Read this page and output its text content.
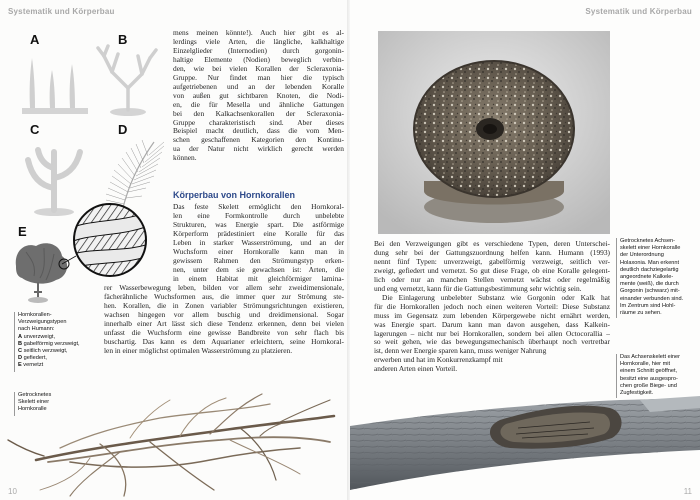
Systematik und Körperbau
A	B
C	D
E
Hornkorallen-
Verzweigungstypen
nach Humann:
A unverzweigt,
B gabelförmig verzweigt,
C seitlich verzweigt,
D gefiedert,
E vernetzt
mens meinen könnte!). Auch hier gibt es al-
lerdings viele Arten, die längliche, kalkhaltige
Einzelglieder (Internodien) durch gorgonin-
haltige Elemente (Nodien) beweglich verbin-
den, wie bei vielen Korallen der Scleraxonia-
Gruppe. Nur findet man hier die typisch
aufgetriebenen und an der lebenden Koralle
von außen gut sichtbaren Knoten, die Nodi-
en, die für Mesella und ähnliche Gattungen
bei den Kalkachsenkorallen der Scleraxonia-
Gruppe charakteristisch sind. Aber dieses
Beispiel macht deutlich, dass die vom Men-
schen geschaffenen Kategorien den Kontinu-
ua der Natur nicht wirklich gerecht werden
können.
Körperbau von Hornkorallen
Das feste Skelett ermöglicht den Hornkoral-
len eine Formkontrolle durch unbelebte
Strukturen, was Energie spart. Die astförmige
Körperform prädestiniert eine Koralle für das
Leben in starker Wasserströmung, und an der
Wuchsform einer Hornkoralle kann man in
gewissem Rahmen den Strömungstyp erken-
nen, unter dem sie gewachsen ist: Arten, die
in einem Habitat mit gleichförmiger lamina-
rer Wasserbewegung leben, bilden vor allem sehr zweidimensionale,
fächerähnliche Wuchsformen aus, die immer quer zur Strömung ste-
hen. Korallen, die in Zonen variabler Strömungsrichtungen existieren,
wachsen hingegen vor allem buschig und dreidimensional. Sogar
innerhalb einer Art lässt sich diese Tendenz erkennen, denn bei vielen
unfasst die Wuchsform eine gewisse Bandbreite von sehr flach bis
buschartig. Das kann es dem Aquarianer erleichtern, seine Hornkoral-
len in einer möglichst optimalen Wasserströmung zu platzieren.
Getrocknetes
Skelett einer
Hornkoralle
10
Systematik und Körperbau
Getrocknetes Achsen-
skelett einer Hornkoralle
der Unterordnung
Holaxonia. Man erkennt
deutlich dachziegelartig
angeordnete Kalkele-
mente (weiß), die durch
Gorgonin (schwarz) mit-
einander verbunden sind.
Im Zentrum sind Hohl-
räume zu sehen.
Das Achsenskelett einer
Hornkoralle, hier mit
einem Schnitt geöffnet,
besitzt eine ausgespro-
chen große Biege- und
Zugfestigkeit.
Bei den Verzweigungen gibt es verschiedene Typen, deren Unterschei-
dung sehr bei der Gattungszuordnung helfen kann. Humann (1993)
nennt fünf Typen: unverzweigt, gabelförmig verzweigt, seitlich ver-
zweigt, gefiedert und vernetzt. So gut diese Frage, ob eine Koralle gelegent-
lich oder nur an manchen Stellen vernetzt wächst oder regelmäßig
und eng vernetzt, kann für die Gattungsbestimmung sehr wichtig sein.
Die Einlagerung unbelebter Substanz wie Gorgonin oder Kalk hat
für die Hornkorallen jedoch noch einen weiteren Vorteil: Diese Substanz
muss im Gegensatz zum lebenden Körpergewebe nicht ernährt werden,
was Energie spart. Darum kann man davon ausgehen, dass Kalkein-
lagerungen – nicht nur bei Hornkorallen, sondern bei allen Octocorallia –
so weit gehen, wie das bewegungsmechanisch überhaupt noch vertretbar
ist, denn wer Energie sparen kann, muss weniger Nahrung
erwerben und hat im Konkurrenzkampf mit
anderen Arten einen Vorteil.
11
